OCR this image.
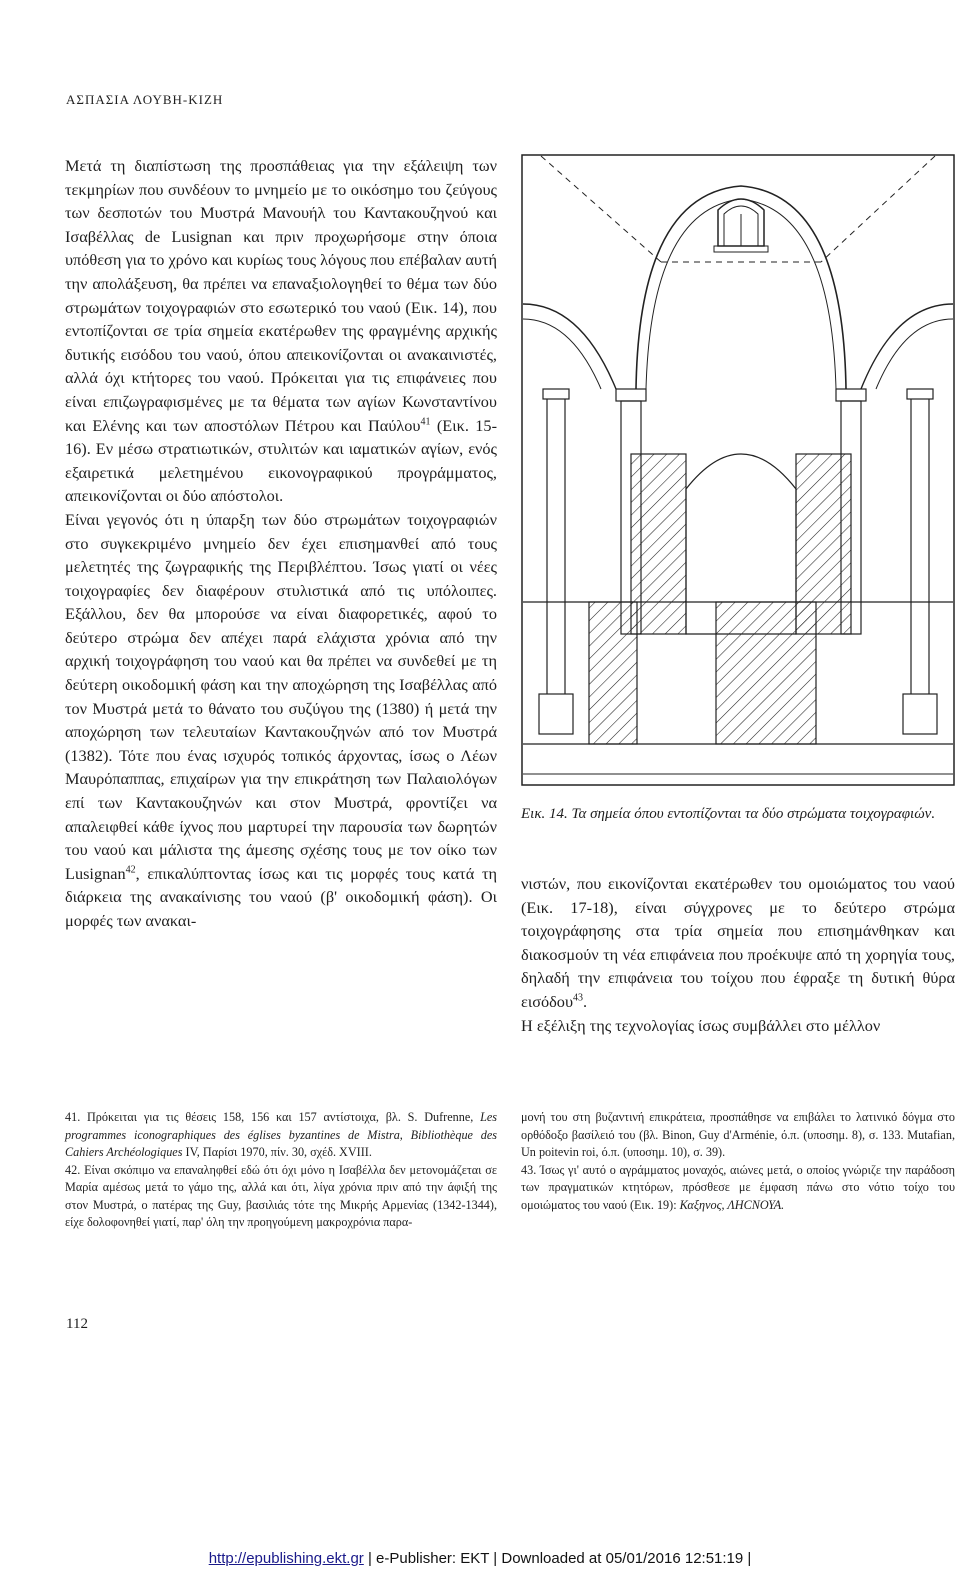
ΑΣΠΑΣΙΑ ΛΟΥΒΗ-ΚΙΖΗ

Μετά τη διαπίστωση της προσπάθειας για την εξάλειψη των τεκμηρίων που συνδέουν το μνημείο με το οικόσημο του ζεύγους των δεσποτών του Μυστρά Μανουήλ του Καντακουζηνού και Ισαβέλλας de Lusignan και πριν προχωρήσομε στην όποια υπόθεση για το χρόνο και κυρίως τους λόγους που επέβαλαν αυτή την απολάξευση, θα πρέπει να επαναξιολογηθεί το θέμα των δύο στρωμάτων τοιχογραφιών στο εσωτερικό του ναού (Εικ. 14), που εντοπίζονται σε τρία σημεία εκατέρωθεν της φραγμένης αρχικής δυτικής εισόδου του ναού, όπου απεικονίζονται οι ανακαινιστές, αλλά όχι κτήτορες του ναού. Πρόκειται για τις επιφάνειες που είναι επιζωγραφισμένες με τα θέματα των αγίων Κωνσταντίνου και Ελένης και των αποστόλων Πέτρου και Παύλου$^{41}$ (Εικ. 15-16). Εν μέσω στρατιωτικών, στυλιτών και ιαματικών αγίων, ενός εξαιρετικά μελετημένου εικονογραφικού προγράμματος, απεικονίζονται οι δύο απόστολοι.

Είναι γεγονός ότι η ύπαρξη των δύο στρωμάτων τοιχογραφιών στο συγκεκριμένο μνημείο δεν έχει επισημανθεί από τους μελετητές της ζωγραφικής της Περιβλέπτου. Ίσως γιατί οι νέες τοιχογραφίες δεν διαφέρουν στυλιστικά από τις υπόλοιπες. Εξάλλου, δεν θα μπορούσε να είναι διαφορετικές, αφού το δεύτερο στρώμα δεν απέχει παρά ελάχιστα χρόνια από την αρχική τοιχογράφηση του ναού και θα πρέπει να συνδεθεί με τη δεύτερη οικοδομική φάση και την αποχώρηση της Ισαβέλλας από τον Μυστρά μετά το θάνατο του συζύγου της (1380) ή μετά την αποχώρηση των τελευταίων Καντακουζηνών από τον Μυστρά (1382). Τότε που ένας ισχυρός τοπικός άρχοντας, ίσως ο Λέων Μαυρόπαππας, επιχαίρων για την επικράτηση των Παλαιολόγων επί των Καντακουζηνών και στον Μυστρά, φροντίζει να απαλειφθεί κάθε ίχνος που μαρτυρεί την παρουσία των δωρητών του ναού και μάλιστα της άμεσης σχέσης τους με τον οίκο των Lusignan$^{42}$, επικαλύπτοντας ίσως και τις μορφές τους κατά τη διάρκεια της ανακαίνισης του ναού (β' οικοδομική φάση). Οι μορφές των ανακαι-

Εικ. 14. Τα σημεία όπου εντοπίζονται τα δύο στρώματα τοιχογραφιών.

νιστών, που εικονίζονται εκατέρωθεν του ομοιώματος του ναού (Εικ. 17-18), είναι σύγχρονες με το δεύτερο στρώμα τοιχογράφησης στα τρία σημεία που επισημάνθηκαν και διακοσμούν τη νέα επιφάνεια που προέκυψε από τη χορηγία τους, δηλαδή την επιφάνεια του τοίχου που έφραξε τη δυτική θύρα εισόδου$^{43}$.

Η εξέλιξη της τεχνολογίας ίσως συμβάλλει στο μέλλον

41. Πρόκειται για τις θέσεις 158, 156 και 157 αντίστοιχα, βλ. S. Dufrenne, Les programmes iconographiques des églises byzantines de Mistra, Bibliothèque des Cahiers Archéologiques IV, Παρίσι 1970, πίν. 30, σχέδ. XVIII.

42. Είναι σκόπιμο να επαναληφθεί εδώ ότι όχι μόνο η Ισαβέλλα δεν μετονομάζεται σε Μαρία αμέσως μετά το γάμο της, αλλά και ότι, λίγα χρόνια πριν από την άφιξή της στον Μυστρά, ο πατέρας της Guy, βασιλιάς τότε της Μικρής Αρμενίας (1342-1344), είχε δολοφονηθεί γιατί, παρ' όλη την προηγούμενη μακροχρόνια παρα-

μονή του στη βυζαντινή επικράτεια, προσπάθησε να επιβάλει το λατινικό δόγμα στο ορθόδοξο βασίλειό του (βλ. Binon, Guy d'Arménie, ό.π. (υποσημ. 8), σ. 133. Mutafian, Un poitevin roi, ό.π. (υποσημ. 10), σ. 39).

43. Ίσως γι' αυτό ο αγράμματος μοναχός, αιώνες μετά, ο οποίος γνώριζε την παράδοση των πραγματικών κτητόρων, πρόσθεσε με έμφαση πάνω στο νότιο τοίχο του ομοιώματος του ναού (Εικ. 19): Καξηνος, ΛΗCΝΟΥΑ.

112
http://epublishing.ekt.gr | e-Publisher: EKT | Downloaded at 05/01/2016 12:51:19 |
